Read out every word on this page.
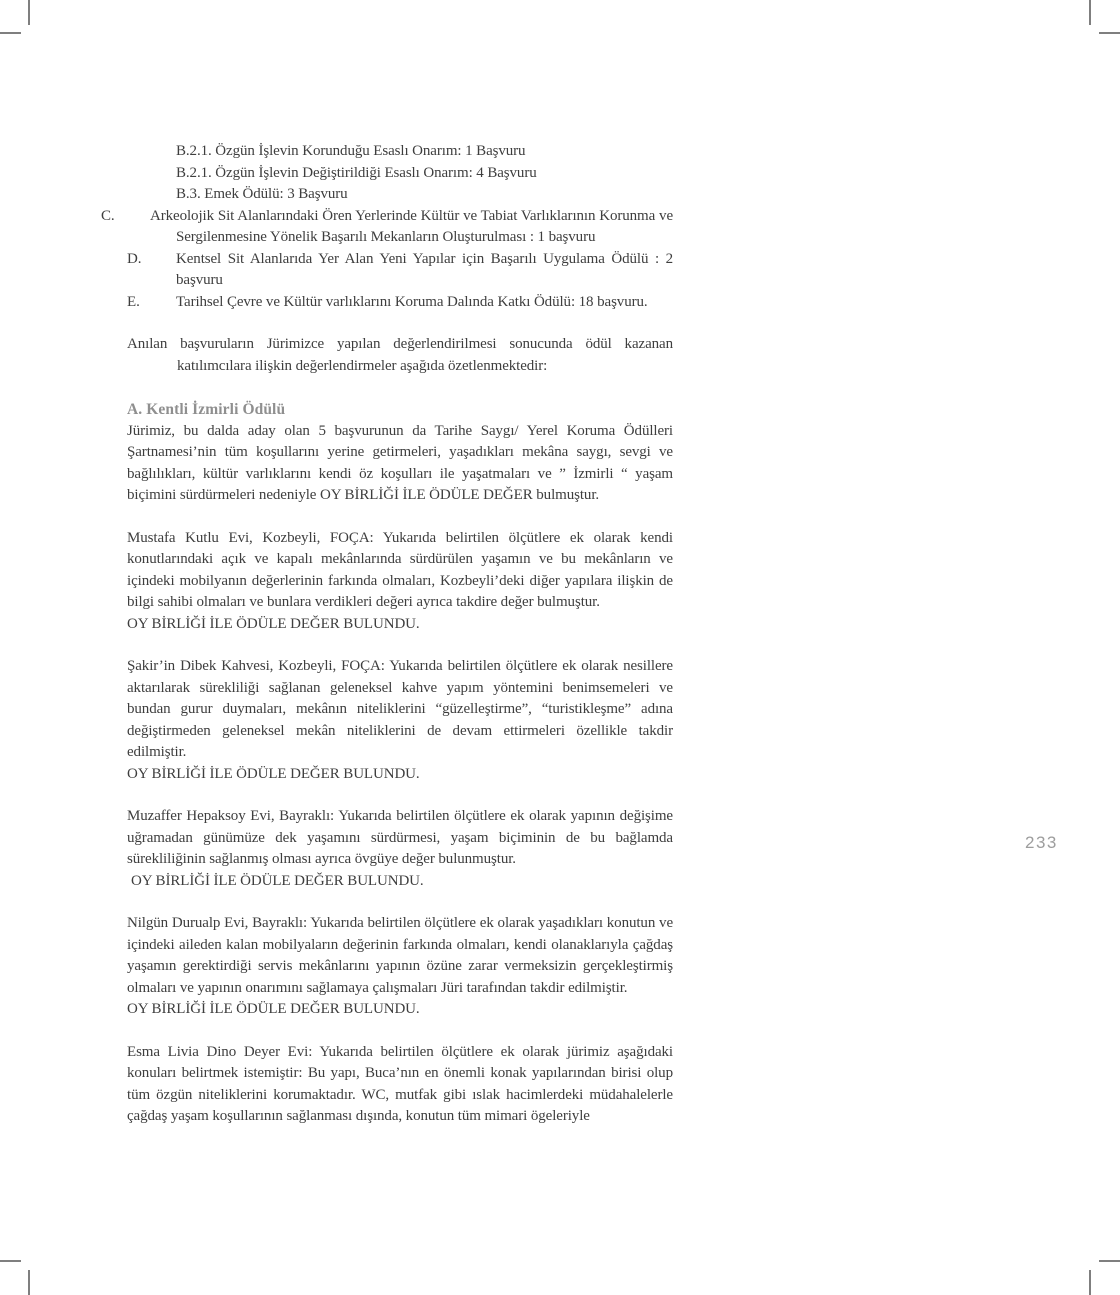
B.2.1. Özgün İşlevin Korunduğu Esaslı Onarım: 1 Başvuru
B.2.1. Özgün İşlevin Değiştirildiği Esaslı Onarım: 4 Başvuru
B.3. Emek Ödülü: 3 Başvuru
C.	Arkeolojik Sit Alanlarındaki Ören Yerlerinde Kültür ve Tabiat Varlıklarının Korunma ve Sergilenmesine Yönelik Başarılı Mekanların Oluşturulması : 1 başvuru
D. Kentsel Sit Alanlarıda Yer Alan Yeni Yapılar için Başarılı Uygulama Ödülü : 2 başvuru
E. Tarihsel Çevre ve Kültür varlıklarını Koruma Dalında Katkı Ödülü: 18 başvuru.

Anılan başvuruların Jürimizce yapılan değerlendirilmesi sonucunda ödül kazanan katılımcılara ilişkin değerlendirmeler aşağıda özetlenmektedir:

A. Kentli İzmirli Ödülü

Jürimiz, bu dalda aday olan 5 başvurunun da Tarihe Saygı/ Yerel Koruma Ödülleri Şartnamesi’nin tüm koşullarını yerine getirmeleri, yaşadıkları mekâna saygı, sevgi ve bağlılıkları, kültür varlıklarını kendi öz koşulları ile yaşatmaları ve ” İzmirli “ yaşam biçimini sürdürmeleri nedeniyle OY BİRLİĞİ İLE ÖDÜLE DEĞER bulmuştur.

Mustafa Kutlu Evi, Kozbeyli, FOÇA: Yukarıda belirtilen ölçütlere ek olarak kendi konutlarındaki açık ve kapalı mekânlarında sürdürülen yaşamın ve bu mekânların ve içindeki mobilyanın değerlerinin farkında olmaları, Kozbeyli’deki diğer yapılara ilişkin de bilgi sahibi olmaları ve bunlara verdikleri değeri ayrıca takdire değer bulmuştur.

OY BİRLİĞİ İLE ÖDÜLE DEĞER BULUNDU.

Şakir’in Dibek Kahvesi, Kozbeyli, FOÇA: Yukarıda belirtilen ölçütlere ek olarak nesillere aktarılarak sürekliliği sağlanan geleneksel kahve yapım yöntemini benimsemeleri ve bundan gurur duymaları, mekânın niteliklerini “güzelleştirme”, “turistikleşme” adına değiştirmeden geleneksel mekân niteliklerini de devam ettirmeleri özellikle takdir edilmiştir.

OY BİRLİĞİ İLE ÖDÜLE DEĞER BULUNDU.

Muzaffer Hepaksoy Evi, Bayraklı: Yukarıda belirtilen ölçütlere ek olarak yapının değişime uğramadan günümüze dek yaşamını sürdürmesi, yaşam biçiminin de bu bağlamda sürekliliğinin sağlanmış olması ayrıca övgüye değer bulunmuştur.

OY BİRLİĞİ İLE ÖDÜLE DEĞER BULUNDU.

Nilgün Durualp Evi, Bayraklı: Yukarıda belirtilen ölçütlere ek olarak yaşadıkları konutun ve içindeki aileden kalan mobilyaların değerinin farkında olmaları, kendi olanaklarıyla çağdaş yaşamın gerektirdiği servis mekânlarını yapının özüne zarar vermeksizin gerçekleştirmiş olmaları ve yapının onarımını sağlamaya çalışmaları Jüri tarafından takdir edilmiştir.

OY BİRLİĞİ İLE ÖDÜLE DEĞER BULUNDU.

Esma Livia Dino Deyer Evi: Yukarıda belirtilen ölçütlere ek olarak jürimiz aşağıdaki konuları belirtmek istemiştir: Bu yapı, Buca’nın en önemli konak yapılarından birisi olup tüm özgün niteliklerini korumaktadır. WC, mutfak gibi ıslak hacimlerdeki müdahalelerle çağdaş yaşam koşullarının sağlanması dışında, konutun tüm mimari ögeleriyle

233
